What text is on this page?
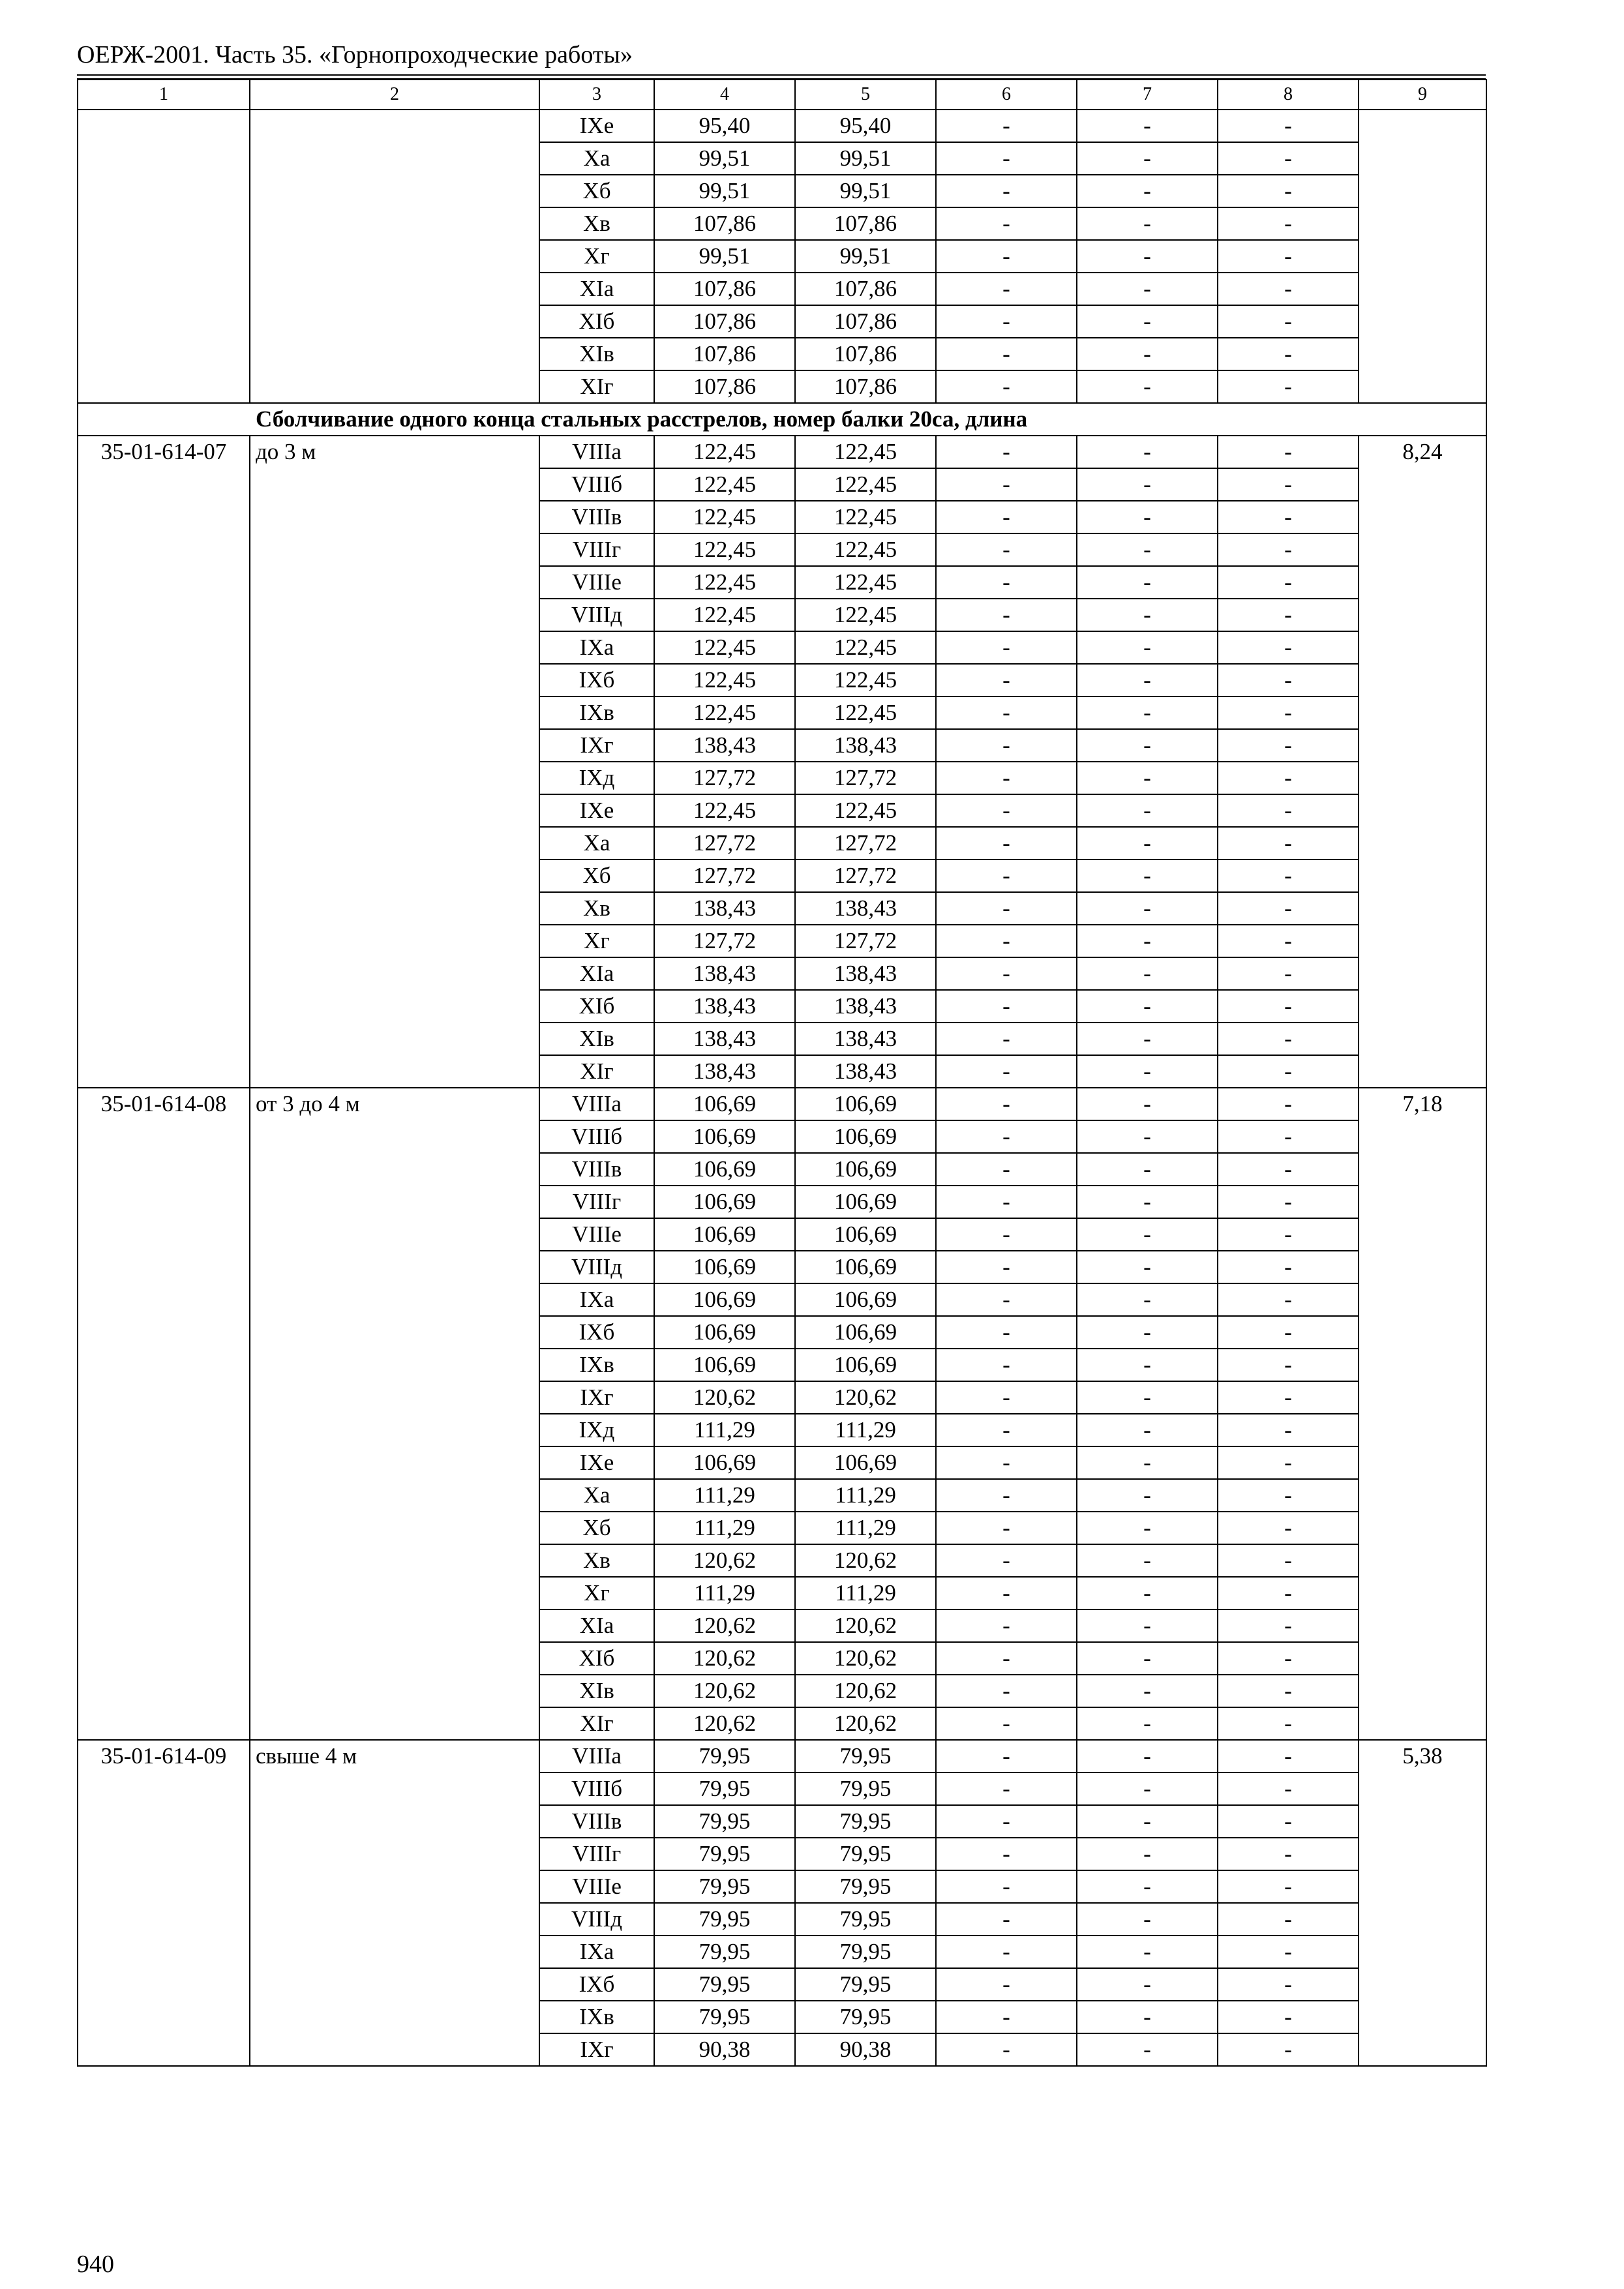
ОЕРЖ-2001. Часть 35. «Горнопроходческие работы»
1	2	3	4	5	6	7	8	9
		IXе	95,40	95,40	-	-	-	
		Xа	99,51	99,51	-	-	-	
		Xб	99,51	99,51	-	-	-	
		Xв	107,86	107,86	-	-	-	
		Xг	99,51	99,51	-	-	-	
		XIа	107,86	107,86	-	-	-	
		XIб	107,86	107,86	-	-	-	
		XIв	107,86	107,86	-	-	-	
		XIг	107,86	107,86	-	-	-	
Сболчивание одного конца стальных расстрелов, номер балки 20са, длина								
35-01-614-07	до 3 м	VIIIа	122,45	122,45	-	-	-	8,24
		VIIIб	122,45	122,45	-	-	-	
		VIIIв	122,45	122,45	-	-	-	
		VIIIг	122,45	122,45	-	-	-	
		VIIIе	122,45	122,45	-	-	-	
		VIIIд	122,45	122,45	-	-	-	
		IXа	122,45	122,45	-	-	-	
		IXб	122,45	122,45	-	-	-	
		IXв	122,45	122,45	-	-	-	
		IXг	138,43	138,43	-	-	-	
		IXд	127,72	127,72	-	-	-	
		IXе	122,45	122,45	-	-	-	
		Xа	127,72	127,72	-	-	-	
		Xб	127,72	127,72	-	-	-	
		Xв	138,43	138,43	-	-	-	
		Xг	127,72	127,72	-	-	-	
		XIа	138,43	138,43	-	-	-	
		XIб	138,43	138,43	-	-	-	
		XIв	138,43	138,43	-	-	-	
		XIг	138,43	138,43	-	-	-	
35-01-614-08	от 3 до 4 м	VIIIа	106,69	106,69	-	-	-	7,18
		VIIIб	106,69	106,69	-	-	-	
		VIIIв	106,69	106,69	-	-	-	
		VIIIг	106,69	106,69	-	-	-	
		VIIIе	106,69	106,69	-	-	-	
		VIIIд	106,69	106,69	-	-	-	
		IXа	106,69	106,69	-	-	-	
		IXб	106,69	106,69	-	-	-	
		IXв	106,69	106,69	-	-	-	
		IXг	120,62	120,62	-	-	-	
		IXд	111,29	111,29	-	-	-	
		IXе	106,69	106,69	-	-	-	
		Xа	111,29	111,29	-	-	-	
		Xб	111,29	111,29	-	-	-	
		Xв	120,62	120,62	-	-	-	
		Xг	111,29	111,29	-	-	-	
		XIа	120,62	120,62	-	-	-	
		XIб	120,62	120,62	-	-	-	
		XIв	120,62	120,62	-	-	-	
		XIг	120,62	120,62	-	-	-	
35-01-614-09	свыше 4 м	VIIIа	79,95	79,95	-	-	-	5,38
		VIIIб	79,95	79,95	-	-	-	
		VIIIв	79,95	79,95	-	-	-	
		VIIIг	79,95	79,95	-	-	-	
		VIIIе	79,95	79,95	-	-	-	
		VIIIд	79,95	79,95	-	-	-	
		IXа	79,95	79,95	-	-	-	
		IXб	79,95	79,95	-	-	-	
		IXв	79,95	79,95	-	-	-	
		IXг	90,38	90,38	-	-	-	
940
